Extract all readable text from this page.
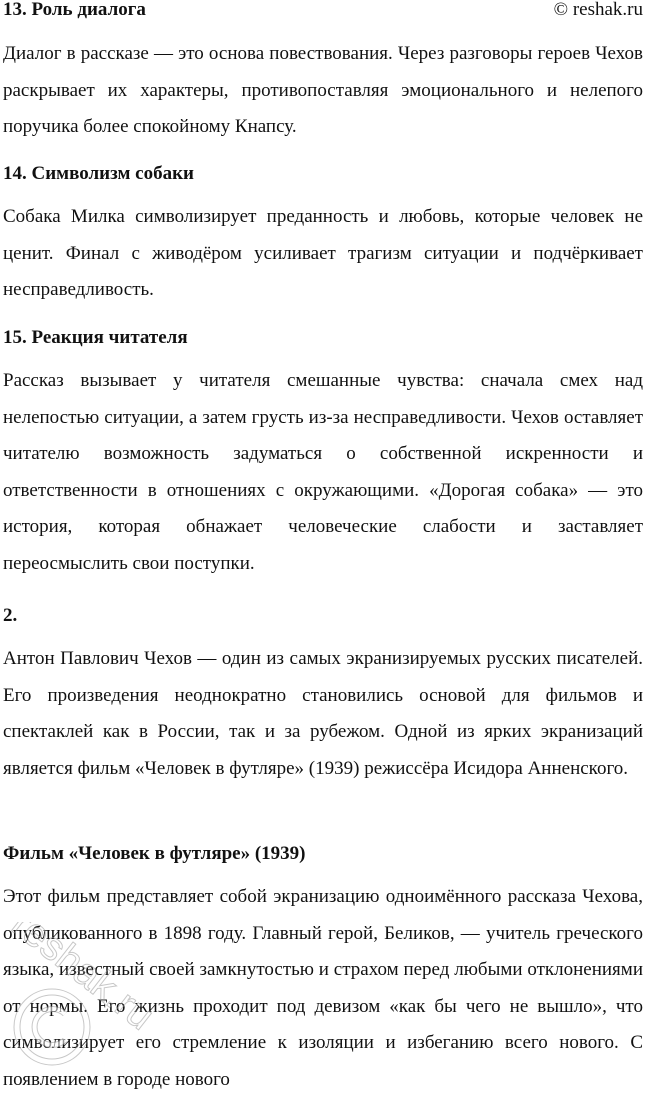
13. Роль диалога	© reshak.ru

Диалог в рассказе — это основа повествования. Через разговоры героев Чехов раскрывает их характеры, противопоставляя эмоционального и нелепого поручика более спокойному Кнапсу.

14. Символизм собаки

Собака Милка символизирует преданность и любовь, которые человек не ценит. Финал с живодёром усиливает трагизм ситуации и подчёркивает несправедливость.

15. Реакция читателя

Рассказ вызывает у читателя смешанные чувства: сначала смех над нелепостью ситуации, а затем грусть из-за несправедливости. Чехов оставляет читателю возможность задуматься о собственной искренности и ответственности в отношениях с окружающими. «Дорогая собака» — это история, которая обнажает человеческие слабости и заставляет переосмыслить свои поступки.

2.

Антон Павлович Чехов — один из самых экранизируемых русских писателей. Его произведения неоднократно становились основой для фильмов и спектаклей как в России, так и за рубежом. Одной из ярких экранизаций является фильм «Человек в футляре» (1939) режиссёра Исидора Анненского.

Фильм «Человек в футляре» (1939)

Этот фильм представляет собой экранизацию одноимённого рассказа Чехова, опубликованного в 1898 году. Главный герой, Беликов, — учитель греческого языка, известный своей замкнутостью и страхом перед любыми отклонениями от нормы. Его жизнь проходит под девизом «как бы чего не вышло», что символизирует его стремление к изоляции и избеганию всего нового. С появлением в городе нового

reshak.ru
